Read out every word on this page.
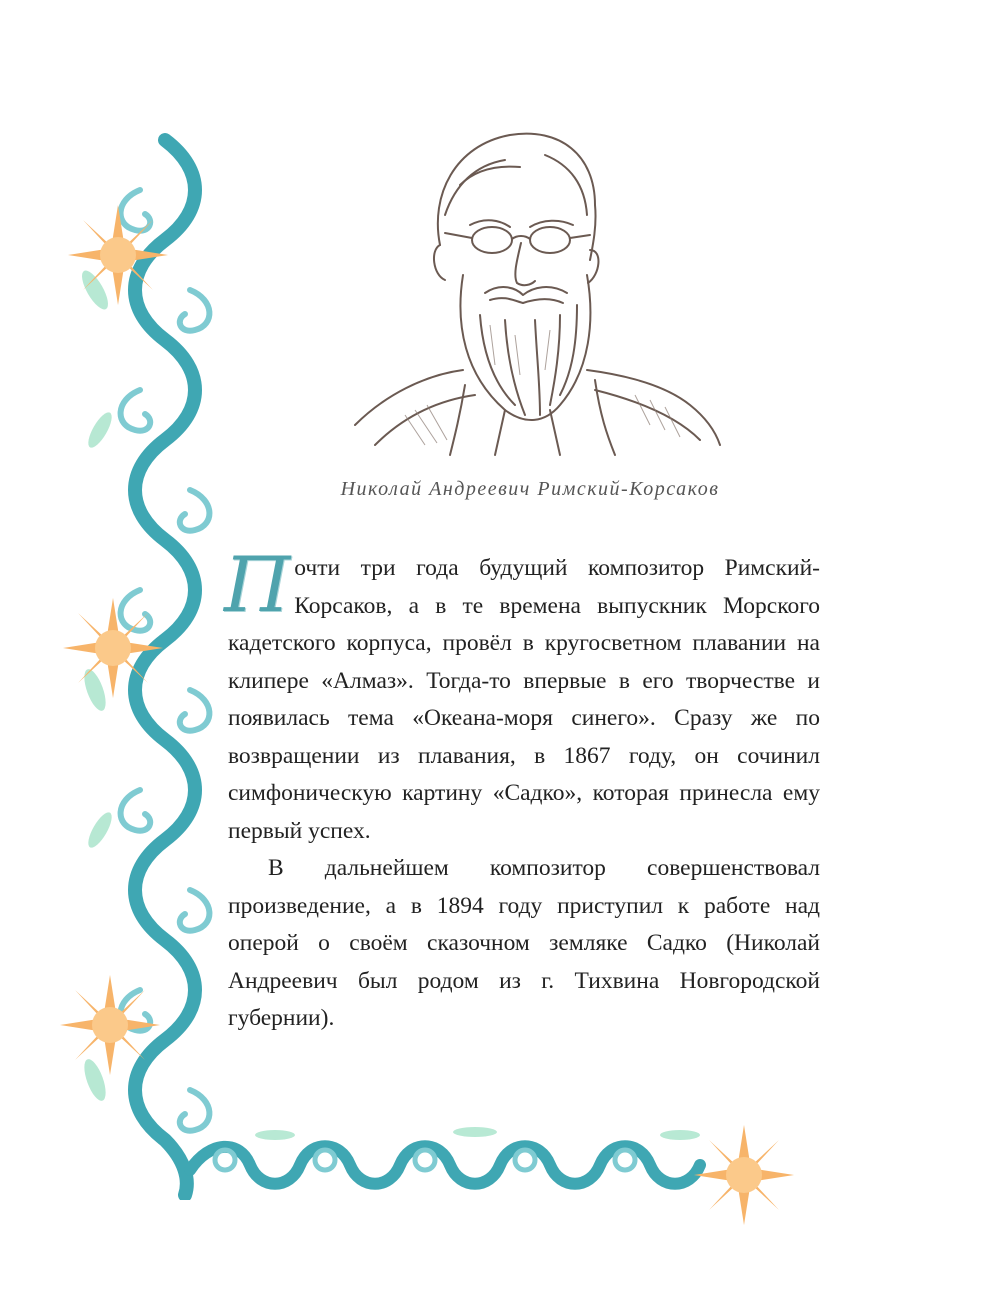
Николай Андреевич Римский-Корсаков

Почти три года будущий композитор Римский-Корсаков, а в те времена выпускник Морского кадетского корпуса, провёл в кругосветном плавании на клипере «Алмаз». Тогда-то впервые в его творчестве и появилась тема «Океана-моря синего». Сразу же по возвращении из плавания, в 1867 году, он сочинил симфоническую картину «Садко», которая принесла ему первый успех.

В дальнейшем композитор совершенствовал произведение, а в 1894 году приступил к работе над оперой о своём сказочном земляке Садко (Николай Андреевич был родом из г. Тихвина Новгородской губернии).
